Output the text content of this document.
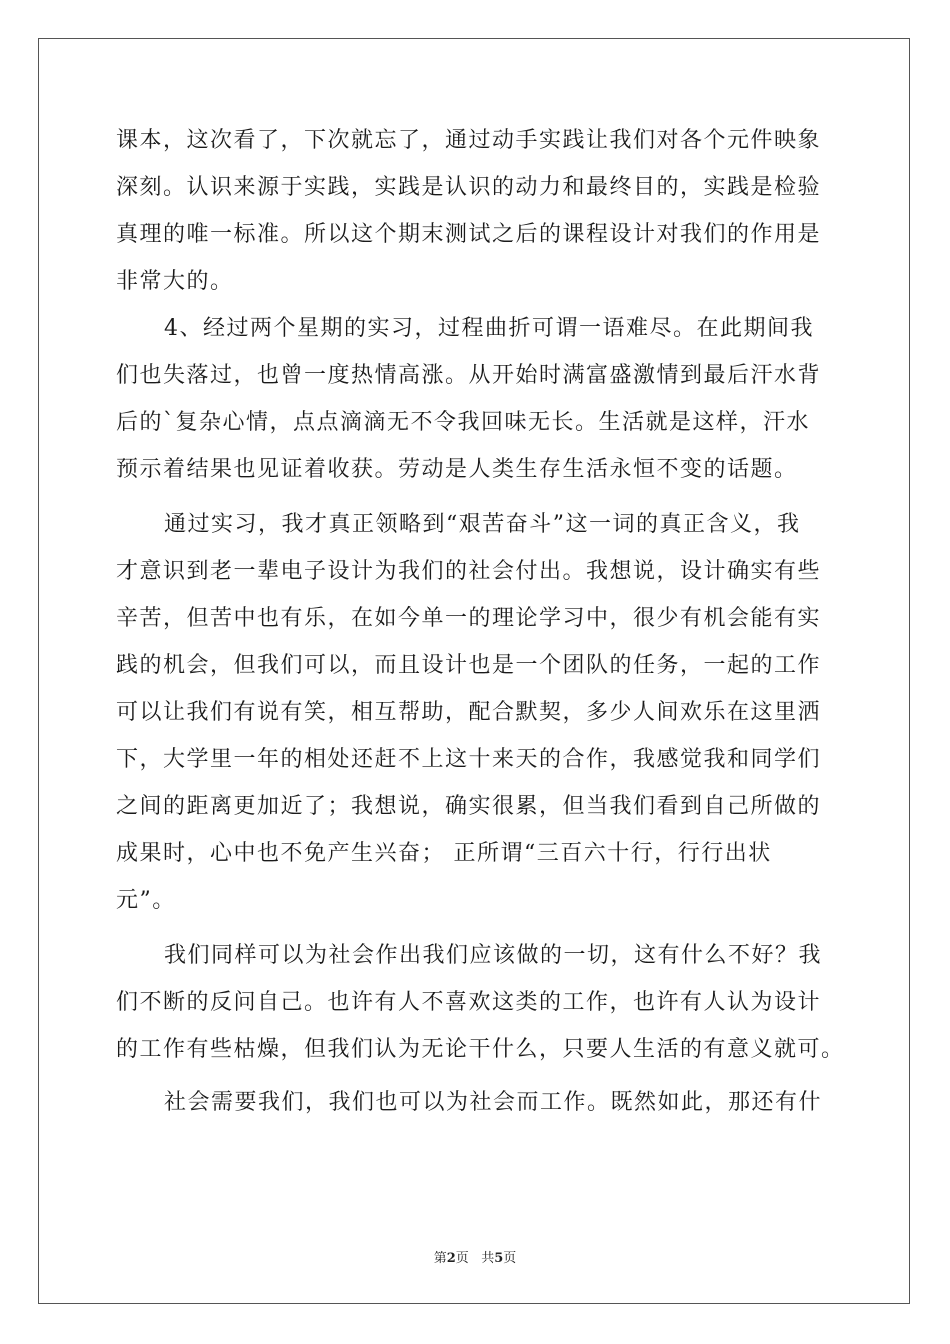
课本，这次看了，下次就忘了，通过动手实践让我们对各个元件映象
深刻。认识来源于实践，实践是认识的动力和最终目的，实践是检验
真理的唯一标准。所以这个期末测试之后的课程设计对我们的作用是
非常大的。
4、经过两个星期的实习，过程曲折可谓一语难尽。在此期间我
们也失落过，也曾一度热情高涨。从开始时满富盛激情到最后汗水背
后的`复杂心情，点点滴滴无不令我回味无长。生活就是这样，汗水
预示着结果也见证着收获。劳动是人类生存生活永恒不变的话题。
通过实习，我才真正领略到“艰苦奋斗”这一词的真正含义，我
才意识到老一辈电子设计为我们的社会付出。我想说，设计确实有些
辛苦，但苦中也有乐，在如今单一的理论学习中，很少有机会能有实
践的机会，但我们可以，而且设计也是一个团队的任务，一起的工作
可以让我们有说有笑，相互帮助，配合默契，多少人间欢乐在这里洒
下，大学里一年的相处还赶不上这十来天的合作，我感觉我和同学们
之间的距离更加近了；我想说，确实很累，但当我们看到自己所做的
成果时，心中也不免产生兴奋； 正所谓“三百六十行，行行出状
元”。
我们同样可以为社会作出我们应该做的一切，这有什么不好？我
们不断的反问自己。也许有人不喜欢这类的工作，也许有人认为设计
的工作有些枯燥，但我们认为无论干什么，只要人生活的有意义就可。
社会需要我们，我们也可以为社会而工作。既然如此，那还有什
第2页   共5页
